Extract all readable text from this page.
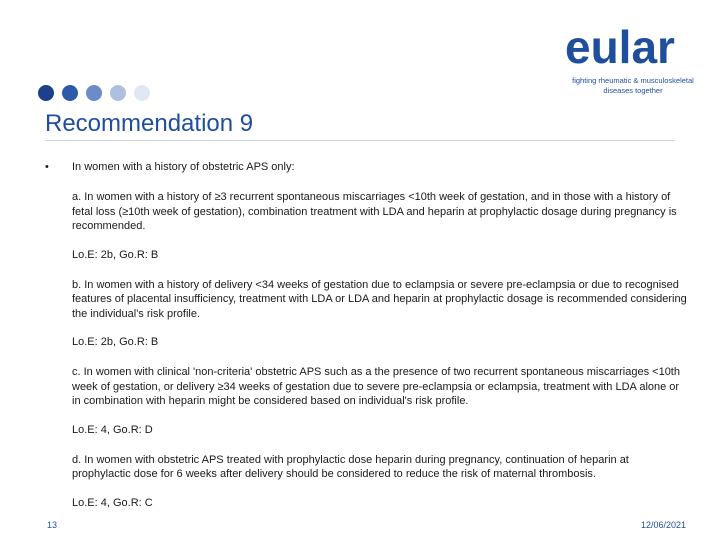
eular
fighting rheumatic & musculoskeletal
diseases together
Recommendation 9
• In women with a history of obstetric APS only:
a. In women with a history of ≥3 recurrent spontaneous miscarriages <10th week of gestation, and in those with a history of fetal loss (≥10th week of gestation), combination treatment with LDA and heparin at prophylactic dosage during pregnancy is recommended.
Lo.E: 2b, Go.R: B
b. In women with a history of delivery <34 weeks of gestation due to eclampsia or severe pre-eclampsia or due to recognised features of placental insufficiency, treatment with LDA or LDA and heparin at prophylactic dosage is recommended considering the individual's risk profile.
Lo.E: 2b, Go.R: B
c. In women with clinical 'non-criteria' obstetric APS such as a the presence of two recurrent spontaneous miscarriages <10th week of gestation, or delivery ≥34 weeks of gestation due to severe pre-eclampsia or eclampsia, treatment with LDA alone or in combination with heparin might be considered based on individual's risk profile.
Lo.E: 4, Go.R: D
d. In women with obstetric APS treated with prophylactic dose heparin during pregnancy, continuation of heparin at prophylactic dose for 6 weeks after delivery should be considered to reduce the risk of maternal thrombosis.
Lo.E: 4, Go.R: C
13	12/06/2021
